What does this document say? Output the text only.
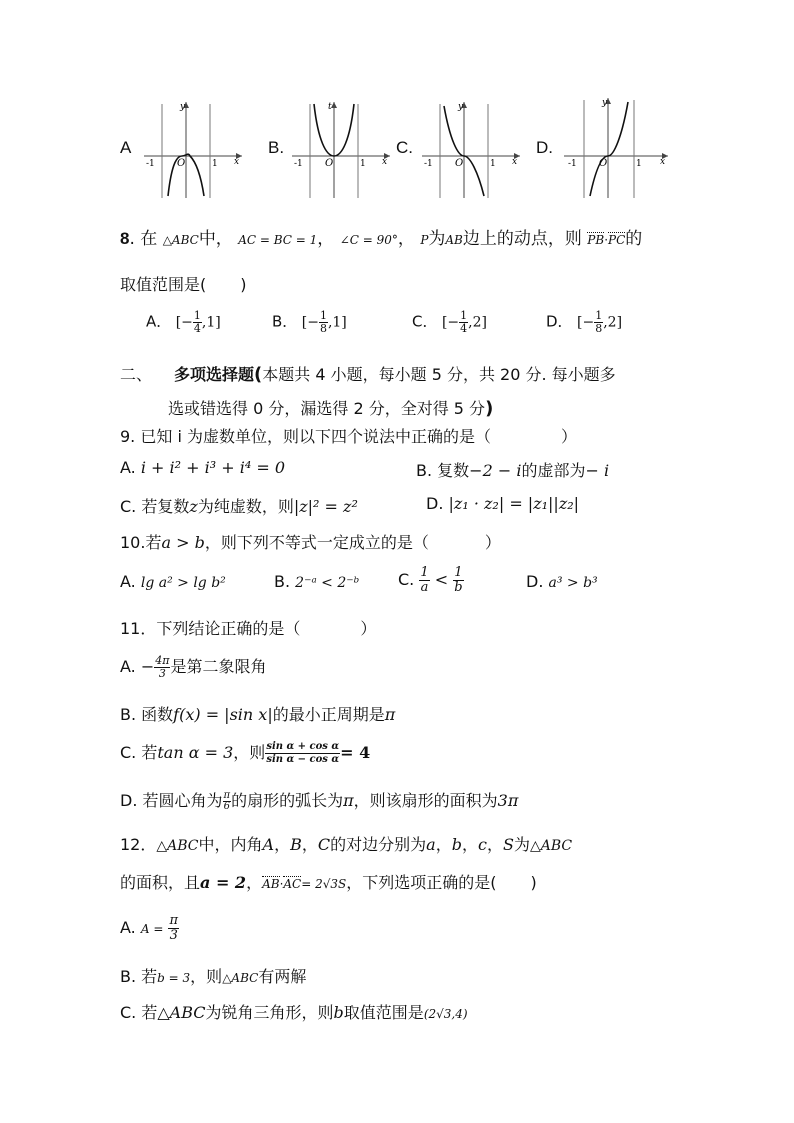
A
-1	1
O
y
x
B.
-1	1
O
t
x
C.
-1	1
O
y
x
D.
-1	1
O
y
x
8. 在 △ABC中， AC = BC = 1， ∠C = 90°， P为AB边上的动点，则 PB·PC的
取值范围是( )
A． [− $\frac{1}{4} ,1$]	B． [− $\frac{1}{8} ,1$]	C． [− $\frac{1}{4} ,2$]	D． [− $\frac{1}{8} ,2$]
二、 多项选择题(本题共 4 小题，每小题 5 分，共 20 分. 每小题多
选或错选得 0 分，漏选得 2 分，全对得 5 分)
9. 已知 i 为虚数单位，则以下四个说法中正确的是（	）
A. i + i² + i³ + i⁴ = 0	B. 复数−2 − i的虚部为− i
C. 若复数z为纯虚数，则|z|² = z²	D. |z₁ · z₂| = |z₁||z₂|
10.若a > b，则下列不等式一定成立的是（	）
A. lg a² > lg b²	B. 2⁻ᵃ < 2⁻ᵇ C. $\frac{1}{a} < \frac{1}{b}$	D. a³ > b³
11．下列结论正确的是（	）
A. − $\frac{4\pi}{3}$ 是第二象限角
B. 函数f(x) = |sin x|的最小正周期是π
C. 若tan α = 3，则 $\frac{\text{sin α + cos α}}{\text{sin α − cos α}} = 4$
D. 若圆心角为 $\frac{\pi}{6}$ 的扇形的弧长为π，则该扇形的面积为3π
12．△ABC中，内角A，B，C的对边分别为a，b，c，S为△ABC
的面积，且a = 2，AB·AC= 2√3S，下列选项正确的是( )
A. $A = \frac{\pi}{3}$
B. 若b = 3，则△ABC有两解
C. 若△ABC为锐角三角形，则b取值范围是(2√3,4)
